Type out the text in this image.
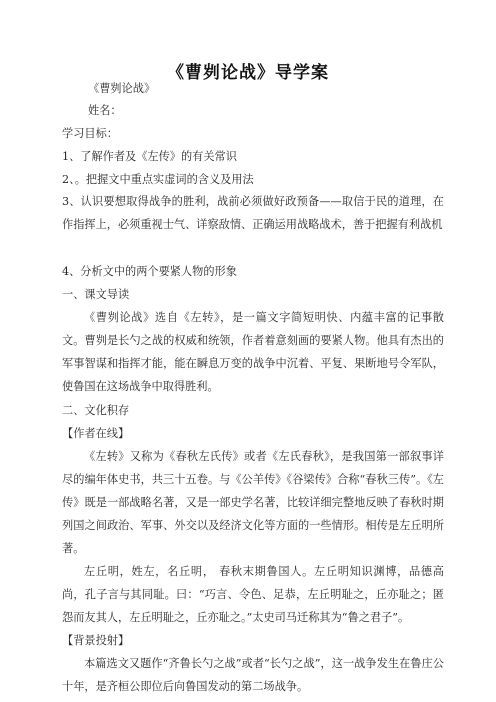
《曹刿论战》导学案
《曹刿论战》
姓名：
学习目标：
1、了解作者及《左传》的有关常识
2、。把握文中重点实虚词的含义及用法
3、认识要想取得战争的胜利，战前必须做好政预备——取信于民的道理，在作指挥上，必须重视士气、详察敌情、正确运用战略战术，善于把握有利战机
4、分析文中的两个要紧人物的形象
一、课文导读
《曹刿论战》选自《左转》，是一篇文字简短明快、内蕴丰富的记事散文。曹刿是长勺之战的权威和统领，作者着意刻画的要紧人物。他具有杰出的军事智谋和指挥才能，能在瞬息万变的战争中沉着、平复、果断地号令军队，使鲁国在这场战争中取得胜利。
二、文化积存
【作者在线】
《左转》又称为《春秋左氏传》或者《左氏春秋》，是我国第一部叙事详尽的编年体史书，共三十五卷。与《公羊传》《谷梁传》合称“春秋三传”。《左传》既是一部战略名著，又是一部史学名著，比较详细完整地反映了春秋时期列国之间政治、军事、外交以及经济文化等方面的一些情形。相传是左丘明所著。
左丘明，姓左，名丘明， 春秋末期鲁国人。左丘明知识渊博，品德高尚，孔子言与其同耻。曰：“巧言、令色、足恭，左丘明耻之，丘亦耻之；匿怨而友其人，左丘明耻之，丘亦耻之。”太史司马迁称其为“鲁之君子”。
【背景投射】
本篇选文又题作“齐鲁长勺之战”或者“长勺之战”，这一战争发生在鲁庄公十年，是齐桓公即位后向鲁国发动的第二场战争。
